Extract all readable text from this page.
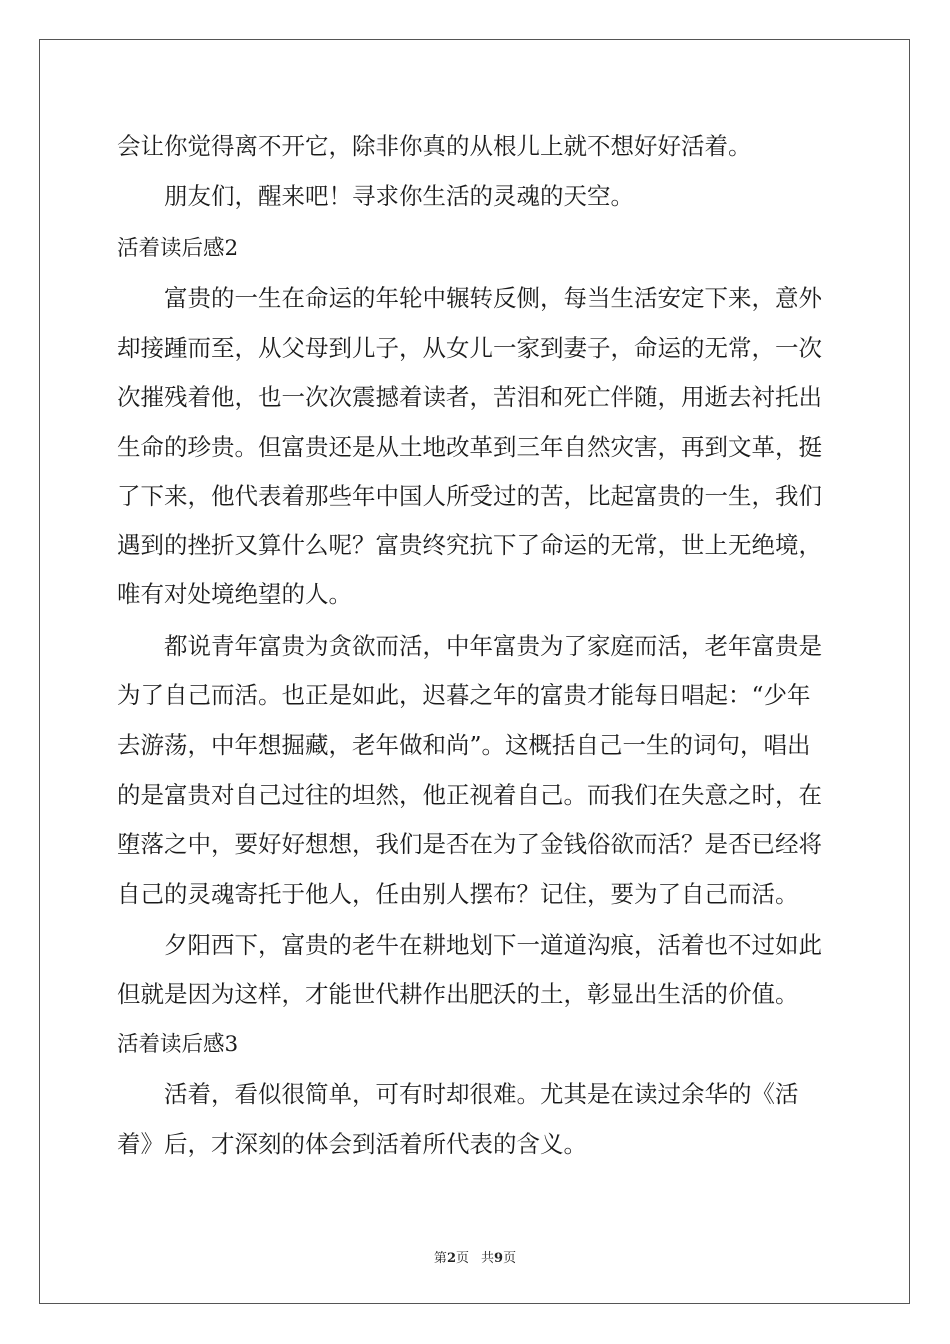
会让你觉得离不开它，除非你真的从根儿上就不想好好活着。
朋友们，醒来吧！寻求你生活的灵魂的天空。
活着读后感2
富贵的一生在命运的年轮中辗转反侧，每当生活安定下来，意外
却接踵而至，从父母到儿子，从女儿一家到妻子，命运的无常，一次
次摧残着他，也一次次震撼着读者，苦泪和死亡伴随，用逝去衬托出
生命的珍贵。但富贵还是从土地改革到三年自然灾害，再到文革，挺
了下来，他代表着那些年中国人所受过的苦，比起富贵的一生，我们
遇到的挫折又算什么呢？富贵终究抗下了命运的无常，世上无绝境，
唯有对处境绝望的人。
都说青年富贵为贪欲而活，中年富贵为了家庭而活，老年富贵是
为了自己而活。也正是如此，迟暮之年的富贵才能每日唱起：“少年
去游荡，中年想掘藏，老年做和尚”。这概括自己一生的词句，唱出
的是富贵对自己过往的坦然，他正视着自己。而我们在失意之时，在
堕落之中，要好好想想，我们是否在为了金钱俗欲而活？是否已经将
自己的灵魂寄托于他人，任由别人摆布？记住，要为了自己而活。
夕阳西下，富贵的老牛在耕地划下一道道沟痕，活着也不过如此
但就是因为这样，才能世代耕作出肥沃的土，彰显出生活的价值。
活着读后感3
活着，看似很简单，可有时却很难。尤其是在读过余华的《活
着》后，才深刻的体会到活着所代表的含义。
第2页 共9页
